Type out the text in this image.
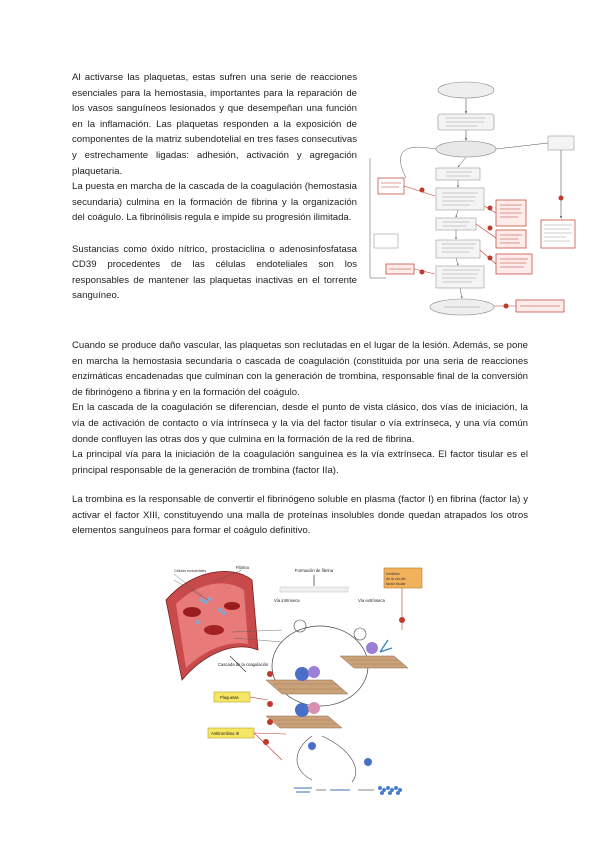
Al activarse las plaquetas, estas sufren una serie de reacciones esenciales para la hemostasia, importantes para la reparación de los vasos sanguíneos lesionados y que desempeñan una función en la inflamación. Las plaquetas responden a la exposición de componentes de la matriz subendotelial en tres fases consecutivas y estrechamente ligadas: adhesión, activación y agregación plaquetaria.
La puesta en marcha de la cascada de la coagulación (hemostasia secundaria) culmina en la formación de fibrina y la organización del coágulo. La fibrinólisis regula e impide su progresión ilimitada.
Sustancias como óxido nítrico, prostaciclina o adenosinfosfatasa CD39 procedentes de las células endoteliales son los responsables de mantener las plaquetas inactivas en el torrente sanguíneo.
Cuando se produce daño vascular, las plaquetas son reclutadas en el lugar de la lesión. Además, se pone en marcha la hemostasia secundaria o cascada de coagulación (constituida por una seria de reacciones enzimáticas encadenadas que culminan con la generación de trombina, responsable final de la conversión de fibrinógeno a fibrina y en la formación del coágulo.
En la cascada de la coagulación se diferencian, desde el punto de vista clásico, dos vías de iniciación, la vía de activación de contacto o vía intrínseca y la vía del factor tisular o vía extrínseca, y una vía común donde confluyen las otras dos y que culmina en la formación de la red de fibrina.
La principal vía para la iniciación de la coagulación sanguínea es la vía extrínseca. El factor tisular es el principal responsable de la generación de trombina (factor IIa).
La trombina es la responsable de convertir el fibrinógeno soluble en plasma (factor I) en fibrina (factor Ia) y activar el factor XIII, constituyendo una malla de proteínas insolubles donde quedan atrapados los otros elementos sanguíneos para formar el coágulo definitivo.
Células endoteliales
Fibrina
Cascada de la coagulación
Formación de fibrina
Inhibidor
de la vía del
factor tisular
Vía intrínseca	Vía extrínseca
Plaquetas
Antitrombina III
